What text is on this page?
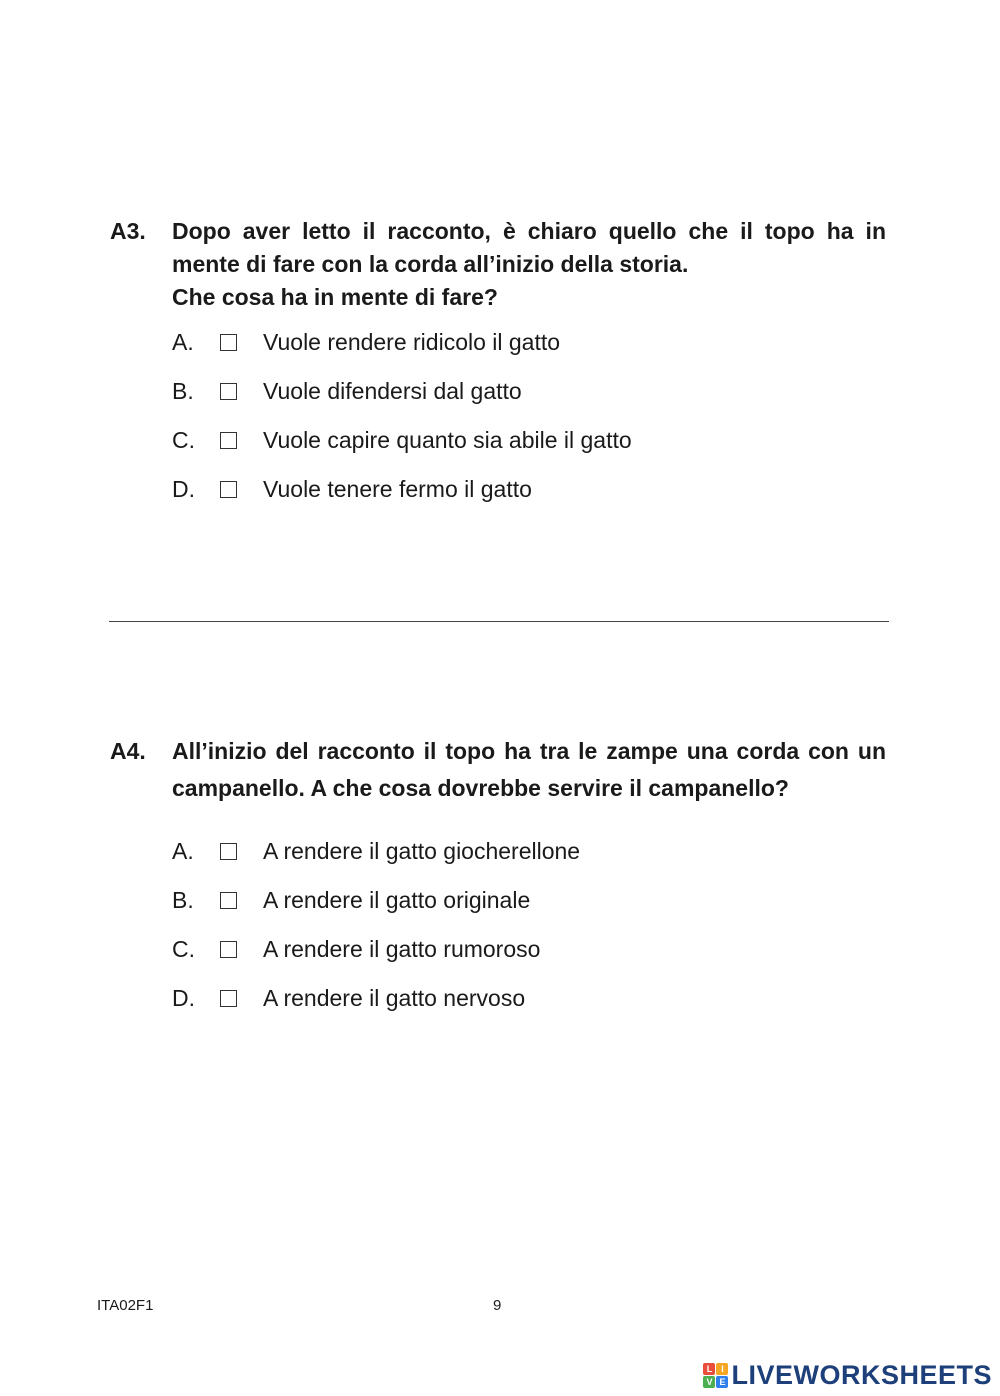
A3.	Dopo aver letto il racconto, è chiaro quello che il topo ha in
mente di fare con la corda all’inizio della storia.
Che cosa ha in mente di fare?
A.	Vuole rendere ridicolo il gatto
B.	Vuole difendersi dal gatto
C.	Vuole capire quanto sia abile il gatto
D.	Vuole tenere fermo il gatto
A4.	All’inizio del racconto il topo ha tra le zampe una corda con un
campanello. A che cosa dovrebbe servire il campanello?
A.	A rendere il gatto giocherellone
B.	A rendere il gatto originale
C.	A rendere il gatto rumoroso
D.	A rendere il gatto nervoso
ITA02F1	9
L I
V E LIVEWORKSHEETS
